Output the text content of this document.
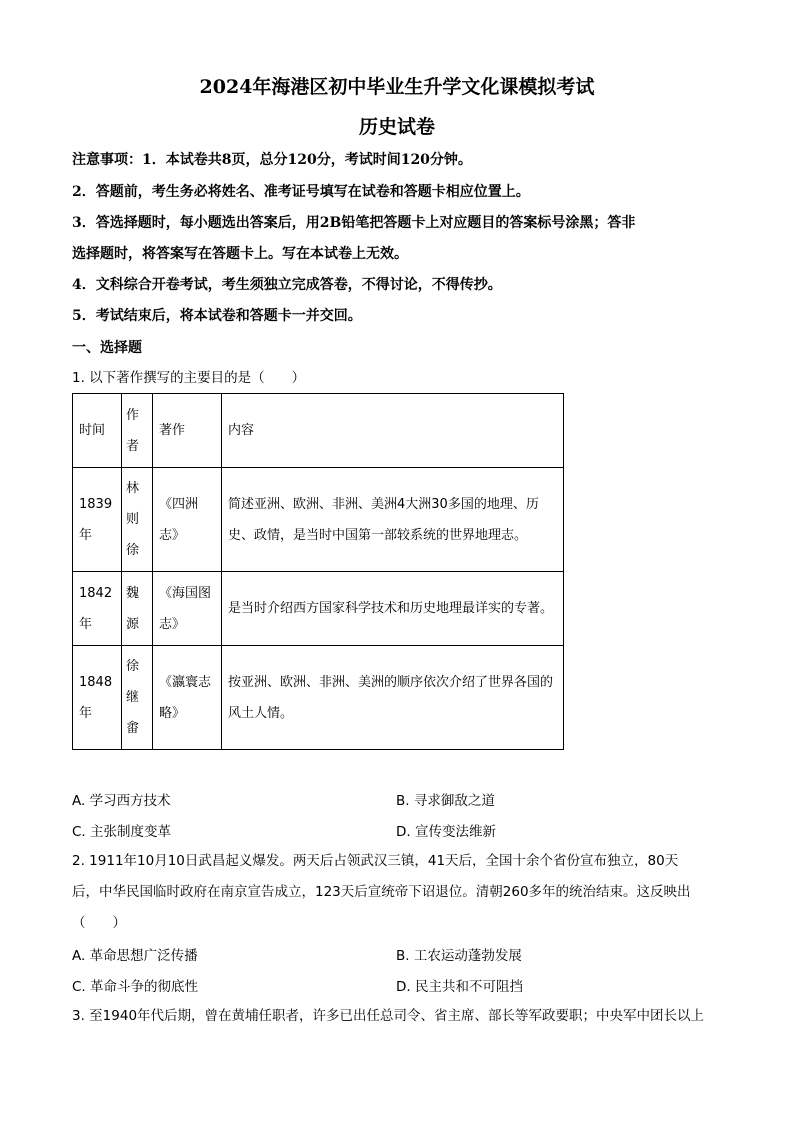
2024年海港区初中毕业生升学文化课模拟考试
历史试卷
注意事项：1．本试卷共8页，总分120分，考试时间120分钟。
2．答题前，考生务必将姓名、准考证号填写在试卷和答题卡相应位置上。
3．答选择题时，每小题选出答案后，用2B铅笔把答题卡上对应题目的答案标号涂黑；答非
选择题时，将答案写在答题卡上。写在本试卷上无效。
4．文科综合开卷考试，考生须独立完成答卷，不得讨论，不得传抄。
5．考试结束后，将本试卷和答题卡一并交回。
一、选择题
1. 以下著作撰写的主要目的是（　　）
时间	作者	著作	内容
1839年	林则徐	《四洲志》	简述亚洲、欧洲、非洲、美洲4大洲30多国的地理、历史、政情，是当时中国第一部较系统的世界地理志。
1842年	魏源	《海国图志》	是当时介绍西方国家科学技术和历史地理最详实的专著。
1848年	徐继畬	《瀛寰志略》	按亚洲、欧洲、非洲、美洲的顺序依次介绍了世界各国的风土人情。
A. 学习西方技术	B. 寻求御敌之道
C. 主张制度变革	D. 宣传变法维新
2. 1911年10月10日武昌起义爆发。两天后占领武汉三镇，41天后，全国十余个省份宣布独立，80天
后，中华民国临时政府在南京宣告成立，123天后宣统帝下诏退位。清朝260多年的统治结束。这反映出
（　　）
A. 革命思想广泛传播	B. 工农运动蓬勃发展
C. 革命斗争的彻底性	D. 民主共和不可阻挡
3. 至1940年代后期，曾在黄埔任职者，许多已出任总司令、省主席、部长等军政要职；中央军中团长以上
